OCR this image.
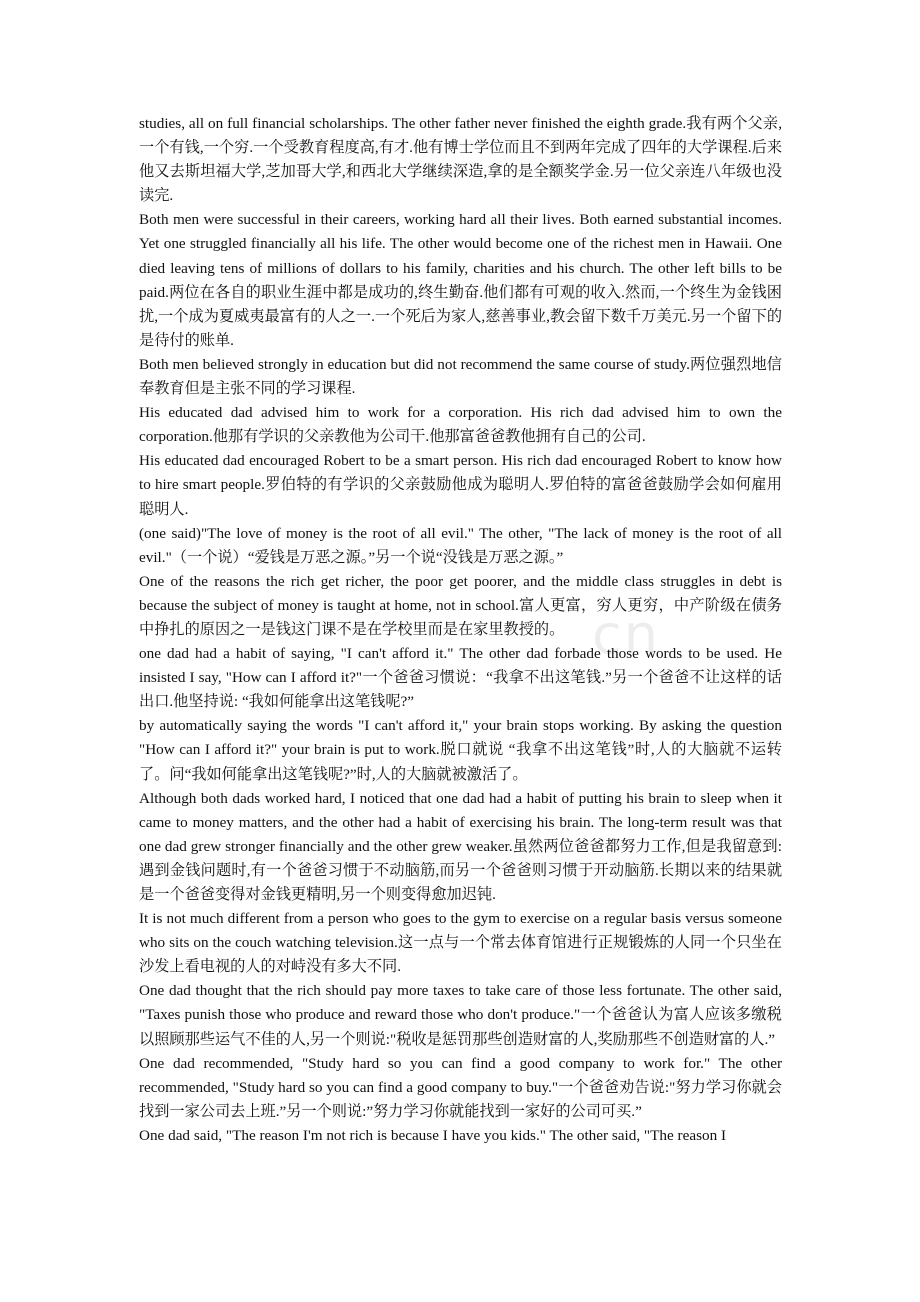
studies, all on full financial scholarships. The other father never finished the eighth grade.我有两个父亲,一个有钱,一个穷.一个受教育程度高,有才.他有博士学位而且不到两年完成了四年的大学课程.后来他又去斯坦福大学,芝加哥大学,和西北大学继续深造,拿的是全额奖学金.另一位父亲连八年级也没读完.

Both men were successful in their careers, working hard all their lives. Both earned substantial incomes. Yet one struggled financially all his life. The other would become one of the richest men in Hawaii. One died leaving tens of millions of dollars to his family, charities and his church. The other left bills to be paid.两位在各自的职业生涯中都是成功的,终生勤奋.他们都有可观的收入.然而,一个终生为金钱困扰,一个成为夏威夷最富有的人之一.一个死后为家人,慈善事业,教会留下数千万美元.另一个留下的是待付的账单.

Both men believed strongly in education but did not recommend the same course of study.两位强烈地信奉教育但是主张不同的学习课程.

His educated dad advised him to work for a corporation. His rich dad advised him to own the corporation.他那有学识的父亲教他为公司干.他那富爸爸教他拥有自己的公司.

His educated dad encouraged Robert to be a smart person. His rich dad encouraged Robert to know how to hire smart people.罗伯特的有学识的父亲鼓励他成为聪明人.罗伯特的富爸爸鼓励学会如何雇用聪明人.

(one said)"The love of money is the root of all evil." The other, "The lack of money is the root of all evil."（一个说）“爱钱是万恶之源。”另一个说“没钱是万恶之源。”

One of the reasons the rich get richer, the poor get poorer, and the middle class struggles in debt is because the subject of money is taught at home, not in school.富人更富，穷人更穷，中产阶级在债务中挣扎的原因之一是钱这门课不是在学校里而是在家里教授的。

one dad had a habit of saying, "I can't afford it." The other dad forbade those words to be used. He insisted I say, "How can I afford it?"一个爸爸习惯说：“我拿不出这笔钱.”另一个爸爸不让这样的话出口.他坚持说: “我如何能拿出这笔钱呢?”

by automatically saying the words "I can't afford it," your brain stops working. By asking the question "How can I afford it?" your brain is put to work.脱口就说 “我拿不出这笔钱”时,人的大脑就不运转了。问“我如何能拿出这笔钱呢?”时,人的大脑就被激活了。

Although both dads worked hard, I noticed that one dad had a habit of putting his brain to sleep when it came to money matters, and the other had a habit of exercising his brain. The long-term result was that one dad grew stronger financially and the other grew weaker.虽然两位爸爸都努力工作,但是我留意到:遇到金钱问题时,有一个爸爸习惯于不动脑筋,而另一个爸爸则习惯于开动脑筋.长期以来的结果就是一个爸爸变得对金钱更精明,另一个则变得愈加迟钝.

It is not much different from a person who goes to the gym to exercise on a regular basis versus someone who sits on the couch watching television.这一点与一个常去体育馆进行正规锻炼的人同一个只坐在沙发上看电视的人的对峙没有多大不同.

One dad thought that the rich should pay more taxes to take care of those less fortunate. The other said, "Taxes punish those who produce and reward those who don't produce."一个爸爸认为富人应该多缴税以照顾那些运气不佳的人,另一个则说:"税收是惩罚那些创造财富的人,奖励那些不创造财富的人.”

One dad recommended, "Study hard so you can find a good company to work for." The other recommended, "Study hard so you can find a good company to buy."一个爸爸劝告说:"努力学习你就会找到一家公司去上班.”另一个则说:”努力学习你就能找到一家好的公司可买.”

One dad said, "The reason I'm not rich is because I have you kids." The other said, "The reason I

cn
